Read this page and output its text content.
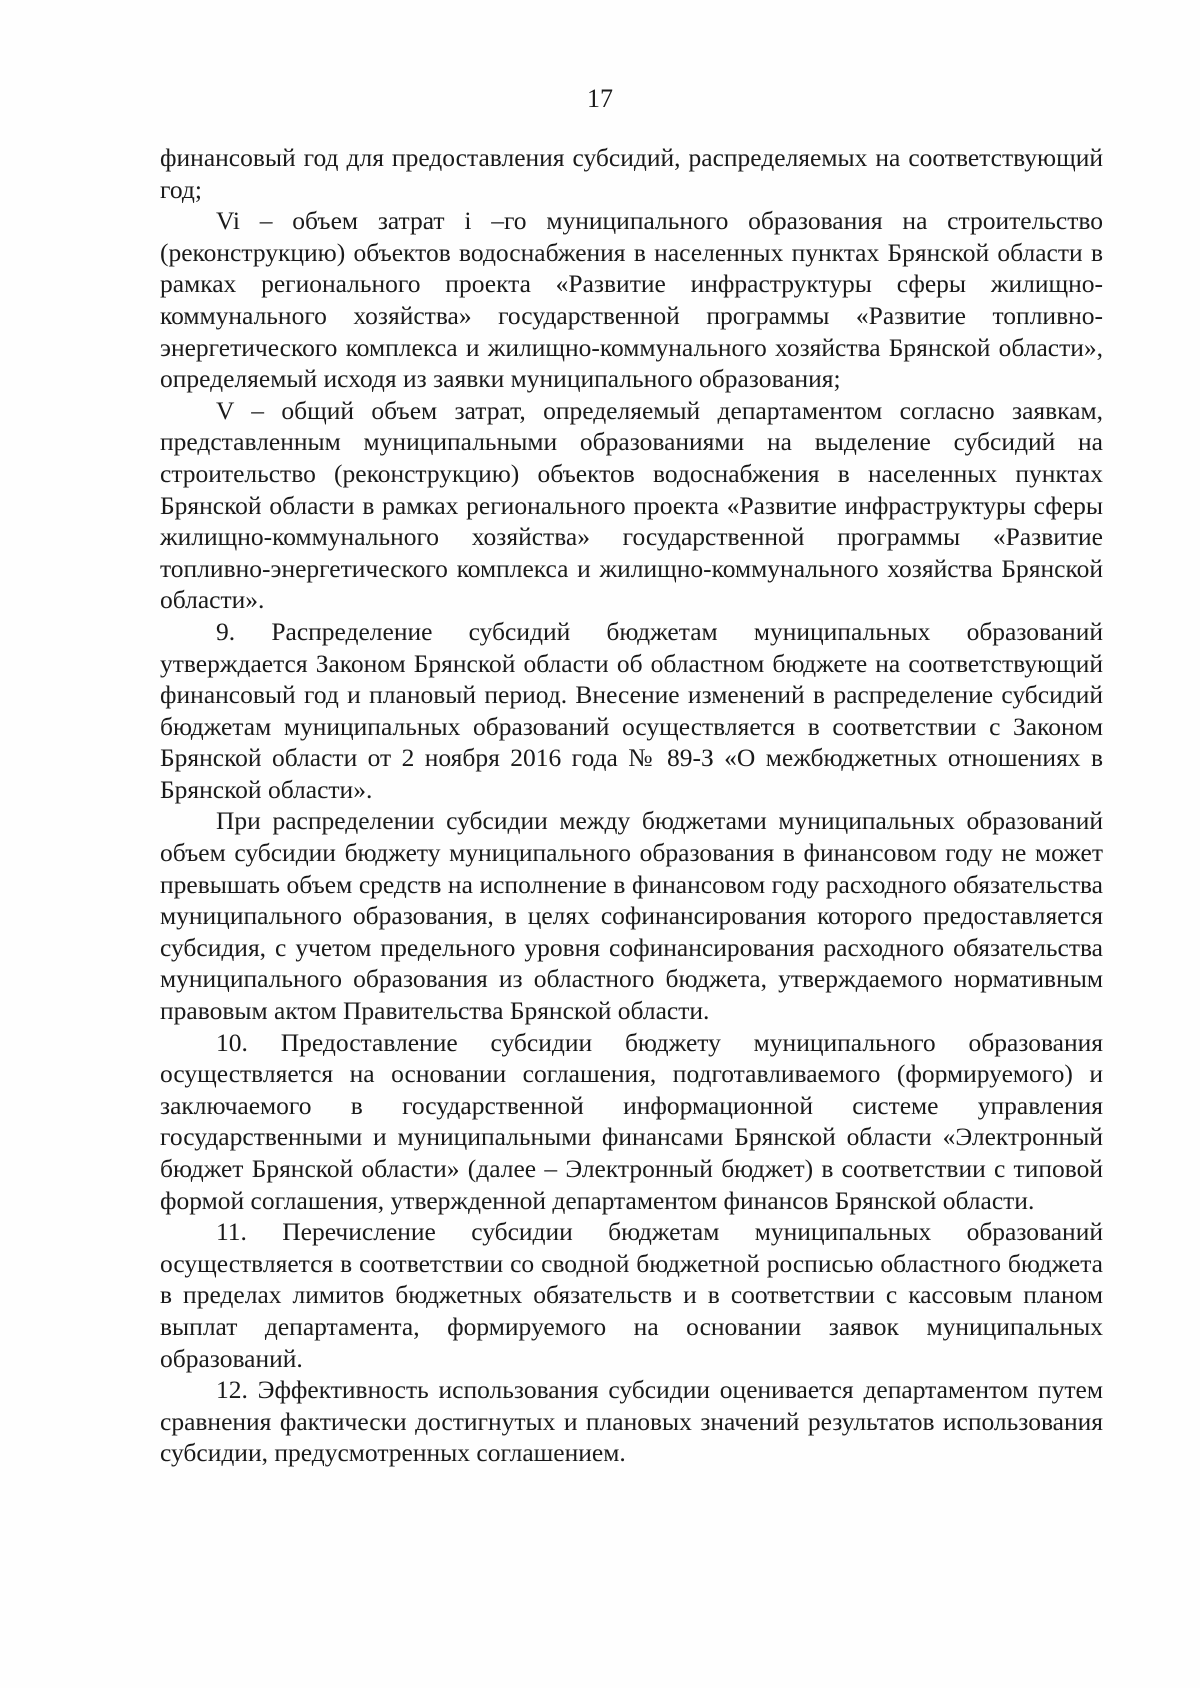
17

финансовый год для предоставления субсидий, распределяемых на соответствующий год;

Vi – объем затрат i –го муниципального образования на строительство (реконструкцию) объектов водоснабжения в населенных пунктах Брянской области в рамках регионального проекта «Развитие инфраструктуры сферы жилищно-коммунального хозяйства» государственной программы «Развитие топливно-энергетического комплекса и жилищно-коммунального хозяйства Брянской области», определяемый исходя из заявки муниципального образования;

V – общий объем затрат, определяемый департаментом согласно заявкам, представленным муниципальными образованиями на выделение субсидий на строительство (реконструкцию) объектов водоснабжения в населенных пунктах Брянской области в рамках регионального проекта «Развитие инфраструктуры сферы жилищно-коммунального хозяйства» государственной программы «Развитие топливно-энергетического комплекса и жилищно-коммунального хозяйства Брянской области».

9. Распределение субсидий бюджетам муниципальных образований утверждается Законом Брянской области об областном бюджете на соответствующий финансовый год и плановый период. Внесение изменений в распределение субсидий бюджетам муниципальных образований осуществляется в соответствии с Законом Брянской области от 2 ноября 2016 года № 89-З «О межбюджетных отношениях в Брянской области».

При распределении субсидии между бюджетами муниципальных образований объем субсидии бюджету муниципального образования в финансовом году не может превышать объем средств на исполнение в финансовом году расходного обязательства муниципального образования, в целях софинансирования которого предоставляется субсидия, с учетом предельного уровня софинансирования расходного обязательства муниципального образования из областного бюджета, утверждаемого нормативным правовым актом Правительства Брянской области.

10. Предоставление субсидии бюджету муниципального образования осуществляется на основании соглашения, подготавливаемого (формируемого) и заключаемого в государственной информационной системе управления государственными и муниципальными финансами Брянской области «Электронный бюджет Брянской области» (далее – Электронный бюджет) в соответствии с типовой формой соглашения, утвержденной департаментом финансов Брянской области.

11. Перечисление субсидии бюджетам муниципальных образований осуществляется в соответствии со сводной бюджетной росписью областного бюджета в пределах лимитов бюджетных обязательств и в соответствии с кассовым планом выплат департамента, формируемого на основании заявок муниципальных образований.

12. Эффективность использования субсидии оценивается департаментом путем сравнения фактически достигнутых и плановых значений результатов использования субсидии, предусмотренных соглашением.
